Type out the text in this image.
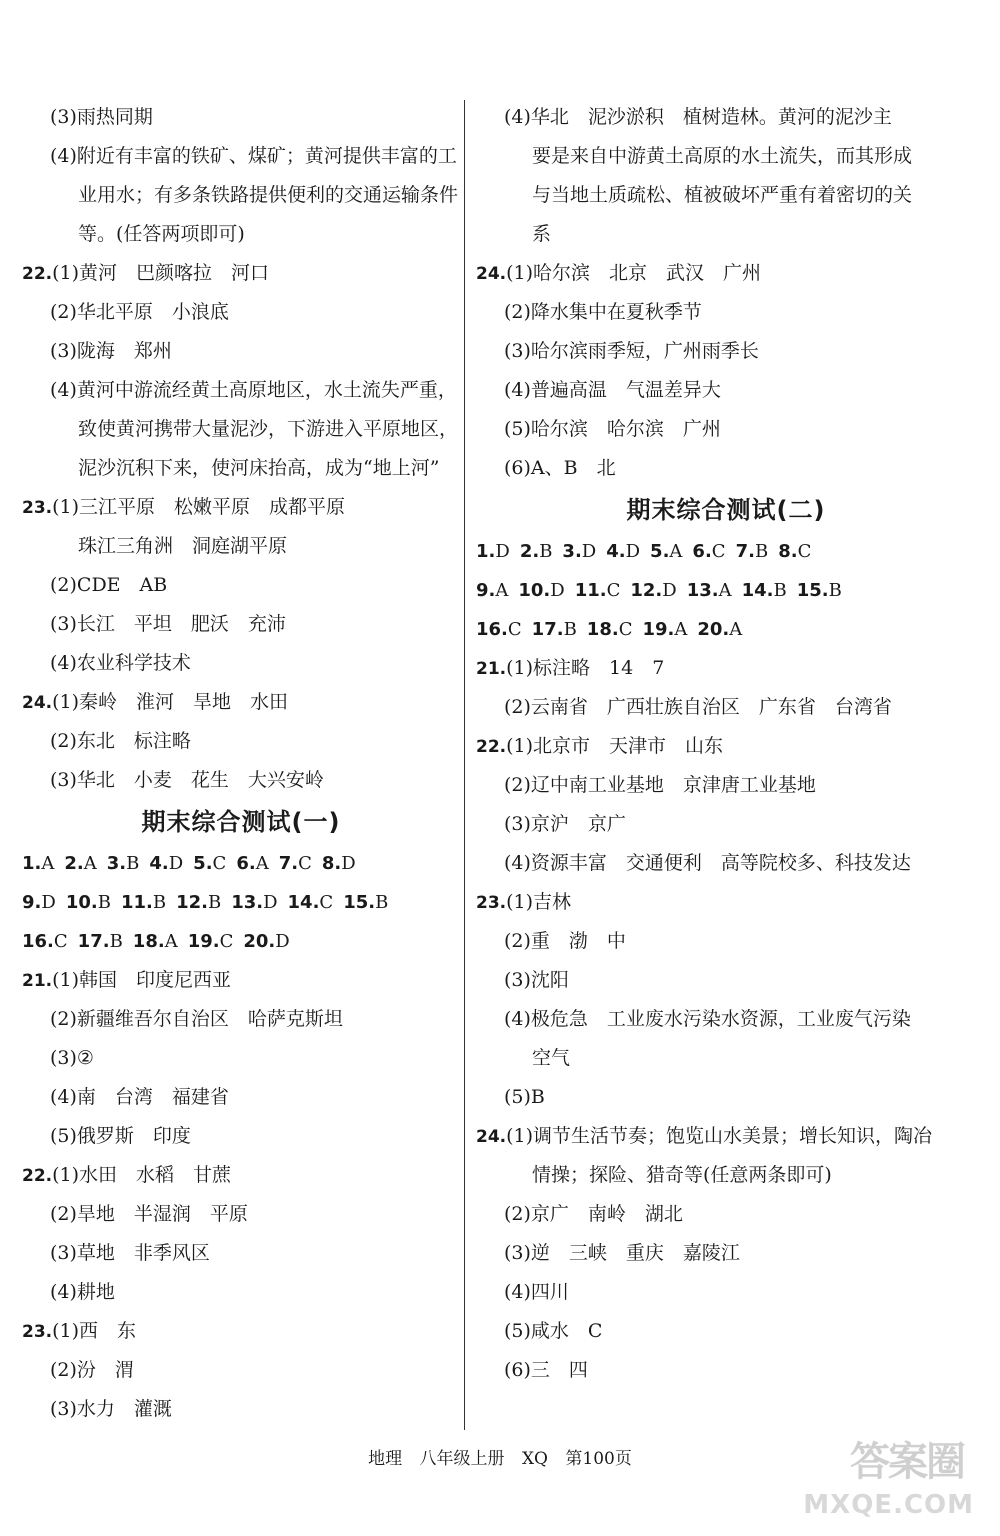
(3)雨热同期
(4)附近有丰富的铁矿、煤矿；黄河提供丰富的工
业用水；有多条铁路提供便利的交通运输条件
等。(任答两项即可)
22.(1)黄河　巴颜喀拉　河口
(2)华北平原　小浪底
(3)陇海　郑州
(4)黄河中游流经黄土高原地区，水土流失严重，
致使黄河携带大量泥沙，下游进入平原地区，
泥沙沉积下来，使河床抬高，成为“地上河”
23.(1)三江平原　松嫩平原　成都平原
珠江三角洲　洞庭湖平原
(2)CDE　AB
(3)长江　平坦　肥沃　充沛
(4)农业科学技术
24.(1)秦岭　淮河　旱地　水田
(2)东北　标注略
(3)华北　小麦　花生　大兴安岭
期末综合测试(一)
1.A 2.A 3.B 4.D 5.C 6.A 7.C 8.D
9.D 10.B 11.B 12.B 13.D 14.C 15.B
16.C 17.B 18.A 19.C 20.D
21.(1)韩国　印度尼西亚
(2)新疆维吾尔自治区　哈萨克斯坦
(3)②
(4)南　台湾　福建省
(5)俄罗斯　印度
22.(1)水田　水稻　甘蔗
(2)旱地　半湿润　平原
(3)草地　非季风区
(4)耕地
23.(1)西　东
(2)汾　渭
(3)水力　灌溉
(4)华北　泥沙淤积　植树造林。黄河的泥沙主
要是来自中游黄土高原的水土流失，而其形成
与当地土质疏松、植被破坏严重有着密切的关
系
24.(1)哈尔滨　北京　武汉　广州
(2)降水集中在夏秋季节
(3)哈尔滨雨季短，广州雨季长
(4)普遍高温　气温差异大
(5)哈尔滨　哈尔滨　广州
(6)A、B　北
期末综合测试(二)
1.D 2.B 3.D 4.D 5.A 6.C 7.B 8.C
9.A 10.D 11.C 12.D 13.A 14.B 15.B
16.C 17.B 18.C 19.A 20.A
21.(1)标注略　14　7
(2)云南省　广西壮族自治区　广东省　台湾省
22.(1)北京市　天津市　山东
(2)辽中南工业基地　京津唐工业基地
(3)京沪　京广
(4)资源丰富　交通便利　高等院校多、科技发达
23.(1)吉林
(2)重　渤　中
(3)沈阳
(4)极危急　工业废水污染水资源，工业废气污染
空气
(5)B
24.(1)调节生活节奏；饱览山水美景；增长知识，陶冶
情操；探险、猎奇等(任意两条即可)
(2)京广　南岭　湖北
(3)逆　三峡　重庆　嘉陵江
(4)四川
(5)咸水　C
(6)三　四
地理 八年级上册 XQ 第100页	答案圈
MXQE.COM
